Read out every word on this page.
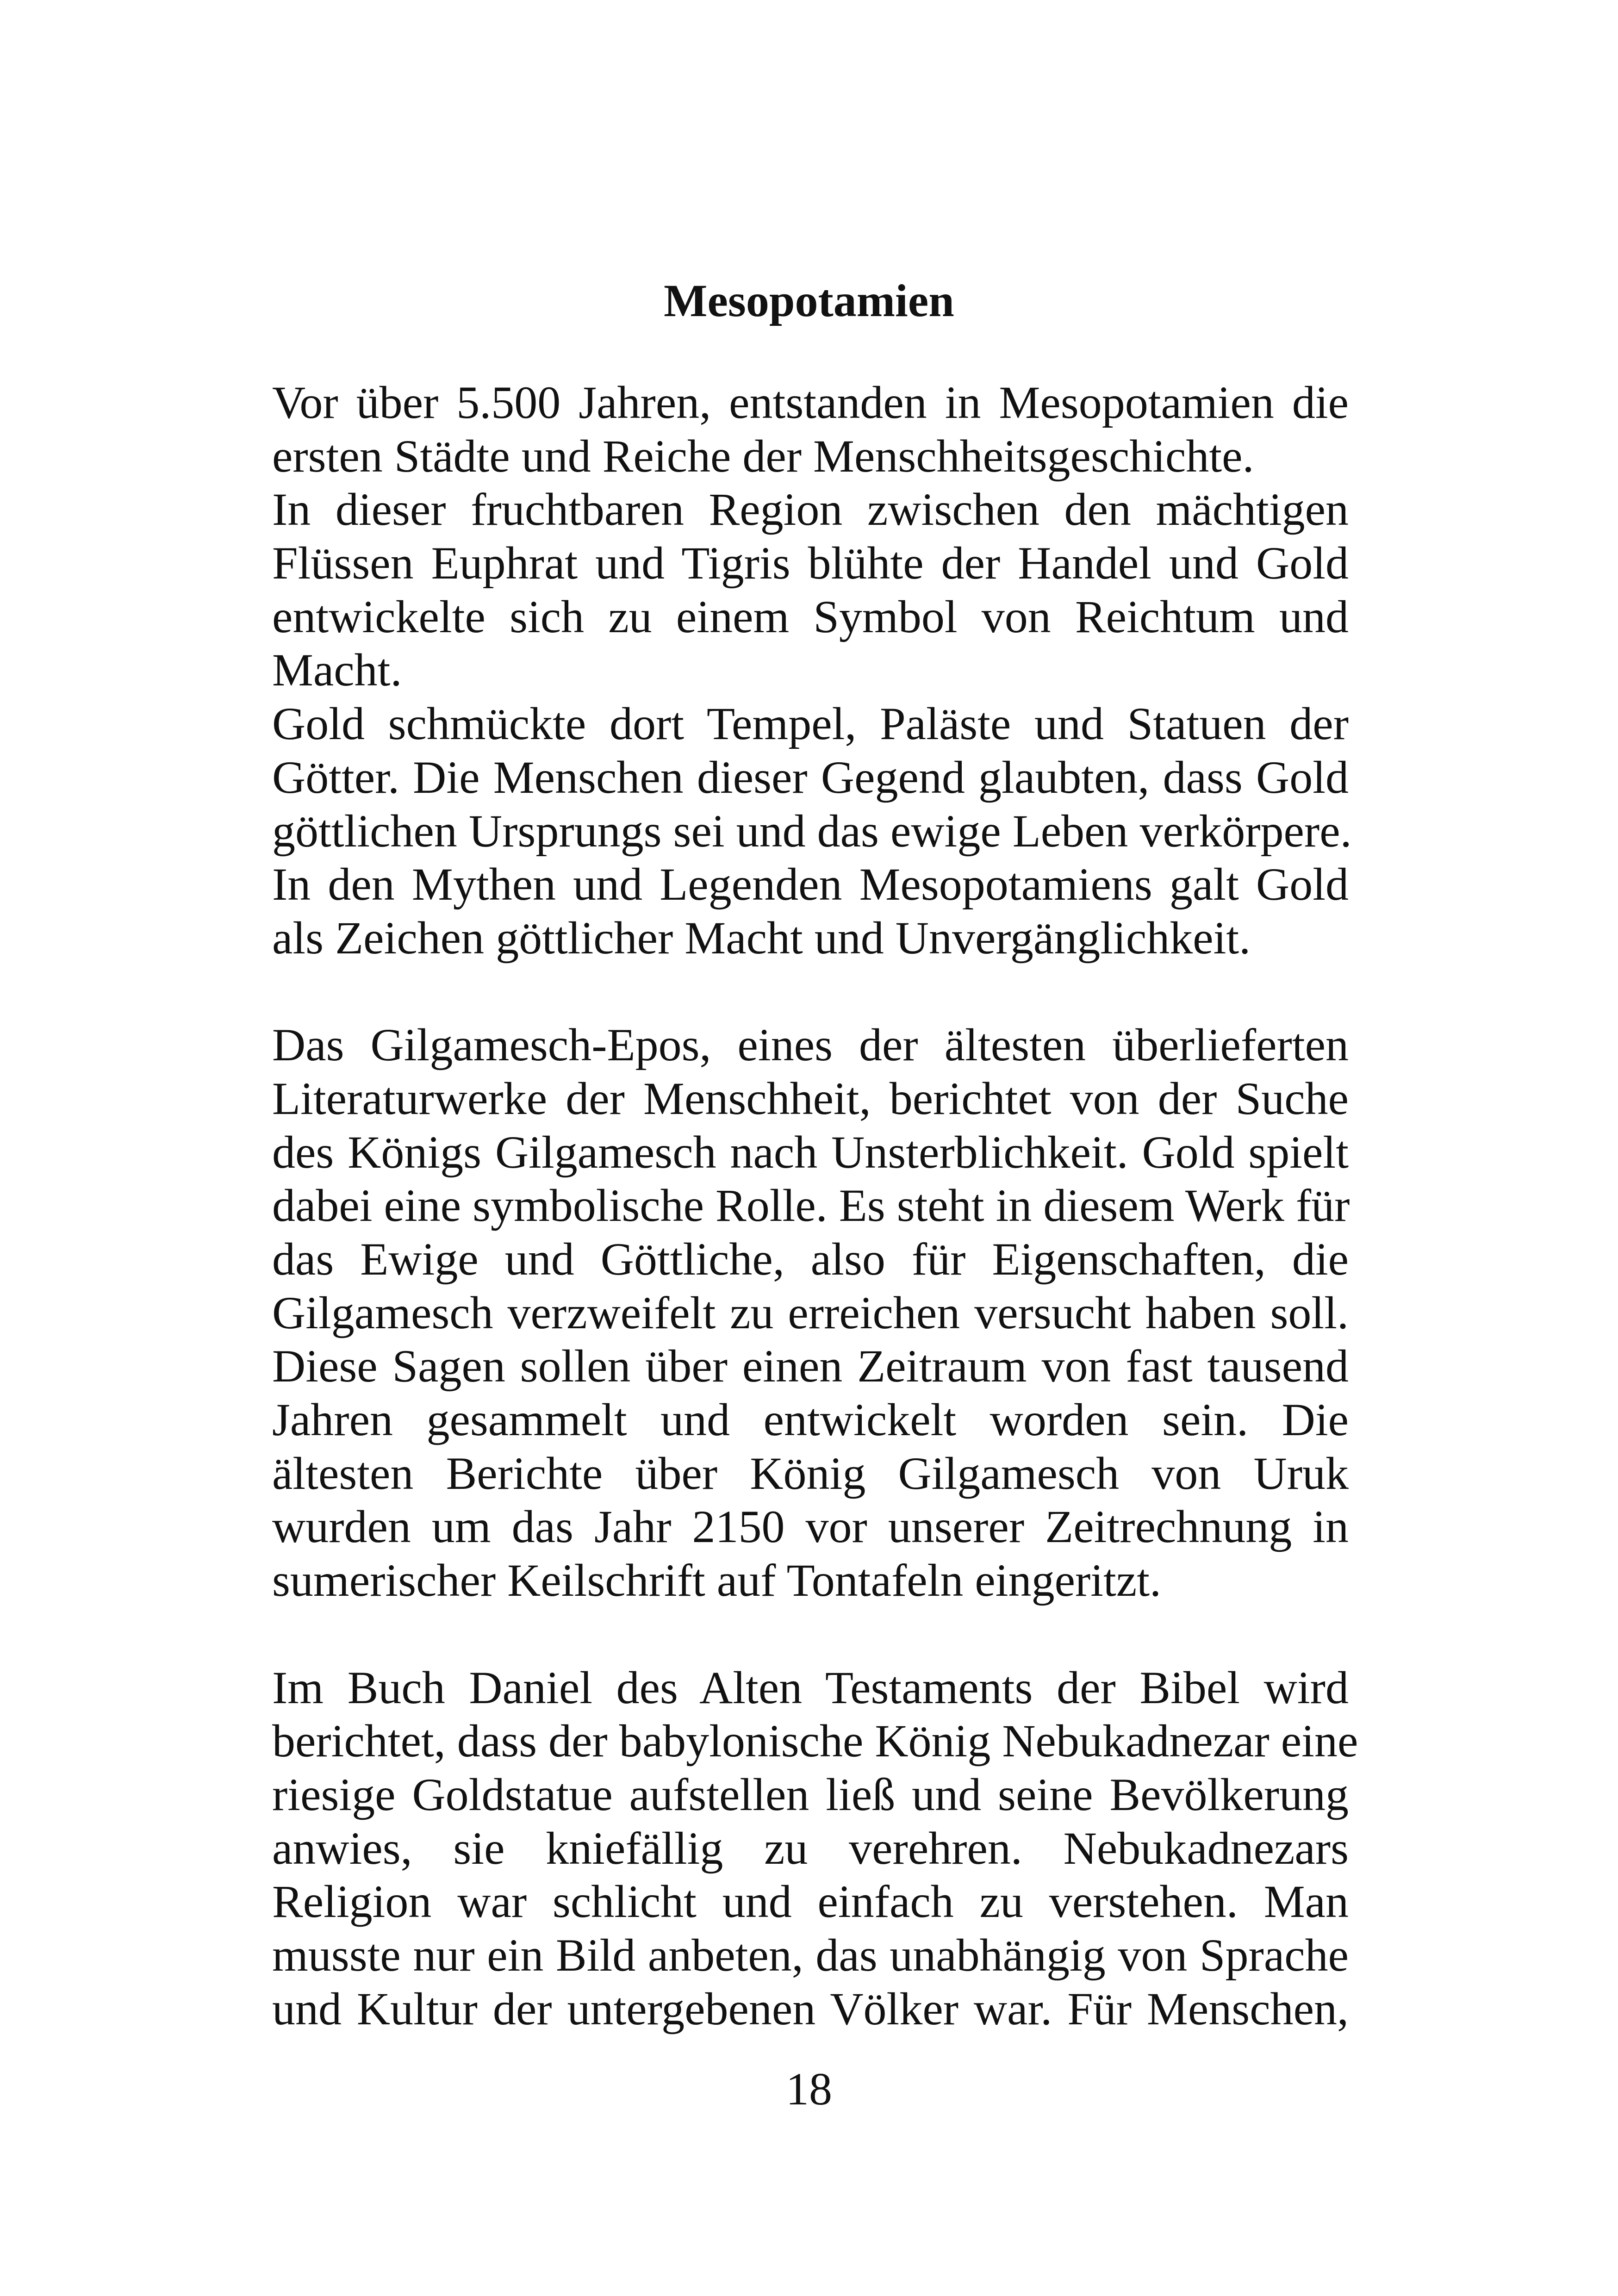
Mesopotamien
Vor über 5.500 Jahren, entstanden in Mesopotamien die
ersten Städte und Reiche der Menschheitsgeschichte.
In dieser fruchtbaren Region zwischen den mächtigen
Flüssen Euphrat und Tigris blühte der Handel und Gold
entwickelte sich zu einem Symbol von Reichtum und
Macht.
Gold schmückte dort Tempel, Paläste und Statuen der
Götter. Die Menschen dieser Gegend glaubten, dass Gold
göttlichen Ursprungs sei und das ewige Leben verkörpere.
In den Mythen und Legenden Mesopotamiens galt Gold
als Zeichen göttlicher Macht und Unvergänglichkeit.
Das Gilgamesch-Epos, eines der ältesten überlieferten
Literaturwerke der Menschheit, berichtet von der Suche
des Königs Gilgamesch nach Unsterblichkeit. Gold spielt
dabei eine symbolische Rolle. Es steht in diesem Werk für
das Ewige und Göttliche, also für Eigenschaften, die
Gilgamesch verzweifelt zu erreichen versucht haben soll.
Diese Sagen sollen über einen Zeitraum von fast tausend
Jahren gesammelt und entwickelt worden sein. Die
ältesten Berichte über König Gilgamesch von Uruk
wurden um das Jahr 2150 vor unserer Zeitrechnung in
sumerischer Keilschrift auf Tontafeln eingeritzt.
Im Buch Daniel des Alten Testaments der Bibel wird
berichtet, dass der babylonische König Nebukadnezar eine
riesige Goldstatue aufstellen ließ und seine Bevölkerung
anwies, sie kniefällig zu verehren. Nebukadnezars
Religion war schlicht und einfach zu verstehen. Man
musste nur ein Bild anbeten, das unabhängig von Sprache
und Kultur der untergebenen Völker war. Für Menschen,
18
